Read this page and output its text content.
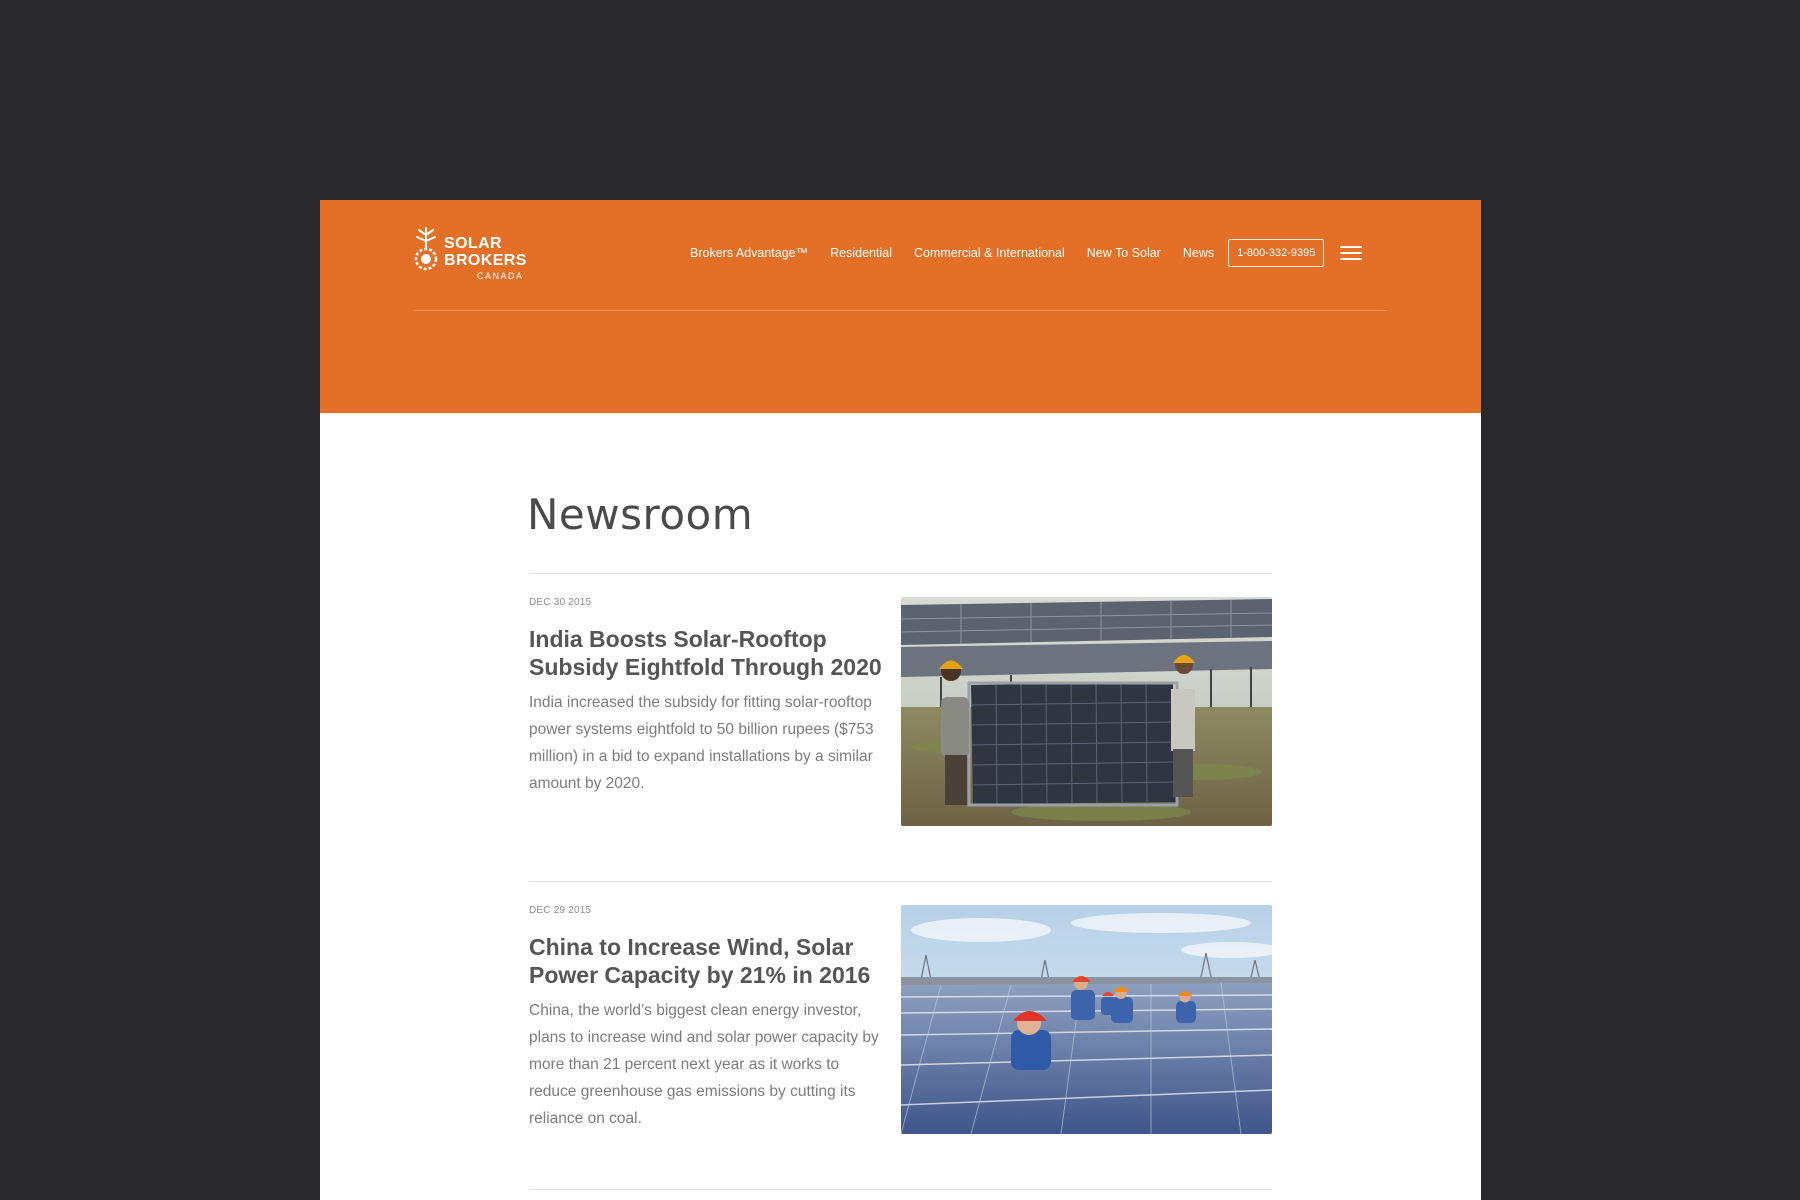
SOLAR
BROKERS
CANADA
Brokers Advantage™ Residential Commercial & International New To Solar News	1-800-332-9395
Newsroom
DEC 30 2015
India Boosts Solar-Rooftop Subsidy Eightfold Through 2020

India increased the subsidy for fitting solar-rooftop power systems eightfold to 50 billion rupees ($753 million) in a bid to expand installations by a similar amount by 2020.

DEC 29 2015
China to Increase Wind, Solar Power Capacity by 21% in 2016

China, the world’s biggest clean energy investor, plans to increase wind and solar power capacity by more than 21 percent next year as it works to reduce greenhouse gas emissions by cutting its reliance on coal.
